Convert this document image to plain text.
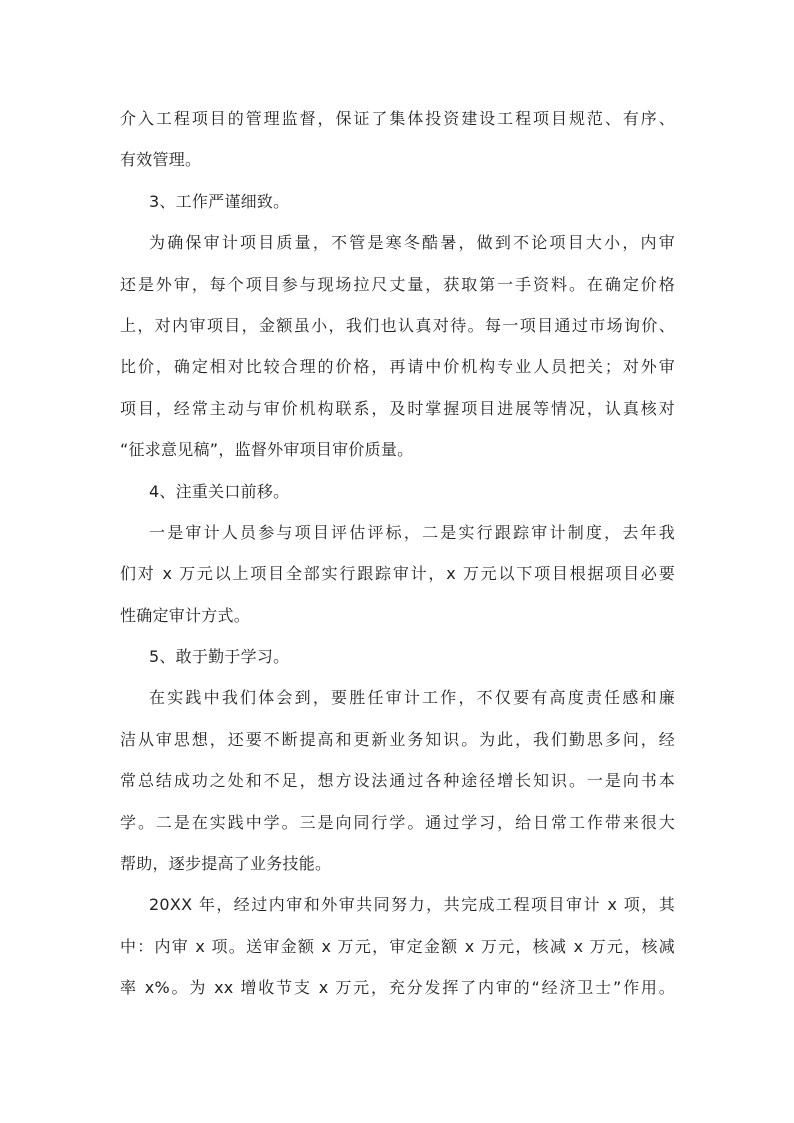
介入工程项目的管理监督，保证了集体投资建设工程项目规范、有序、
有效管理。
3、工作严谨细致。
为确保审计项目质量，不管是寒冬酷暑，做到不论项目大小，内审
还是外审，每个项目参与现场拉尺丈量，获取第一手资料。在确定价格
上，对内审项目，金额虽小，我们也认真对待。每一项目通过市场询价、
比价，确定相对比较合理的价格，再请中价机构专业人员把关；对外审
项目，经常主动与审价机构联系，及时掌握项目进展等情况，认真核对
“征求意见稿”，监督外审项目审价质量。
4、注重关口前移。
一是审计人员参与项目评估评标，二是实行跟踪审计制度，去年我
们对 x 万元以上项目全部实行跟踪审计，x 万元以下项目根据项目必要
性确定审计方式。
5、敢于勤于学习。
在实践中我们体会到，要胜任审计工作，不仅要有高度责任感和廉
洁从审思想，还要不断提高和更新业务知识。为此，我们勤思多问，经
常总结成功之处和不足，想方设法通过各种途径增长知识。一是向书本
学。二是在实践中学。三是向同行学。通过学习，给日常工作带来很大
帮助，逐步提高了业务技能。
20XX 年，经过内审和外审共同努力，共完成工程项目审计 x 项，其
中：内审 x 项。送审金额 x 万元，审定金额 x 万元，核减 x 万元，核减
率 x%。为 xx 增收节支 x 万元，充分发挥了内审的“经济卫士”作用。
